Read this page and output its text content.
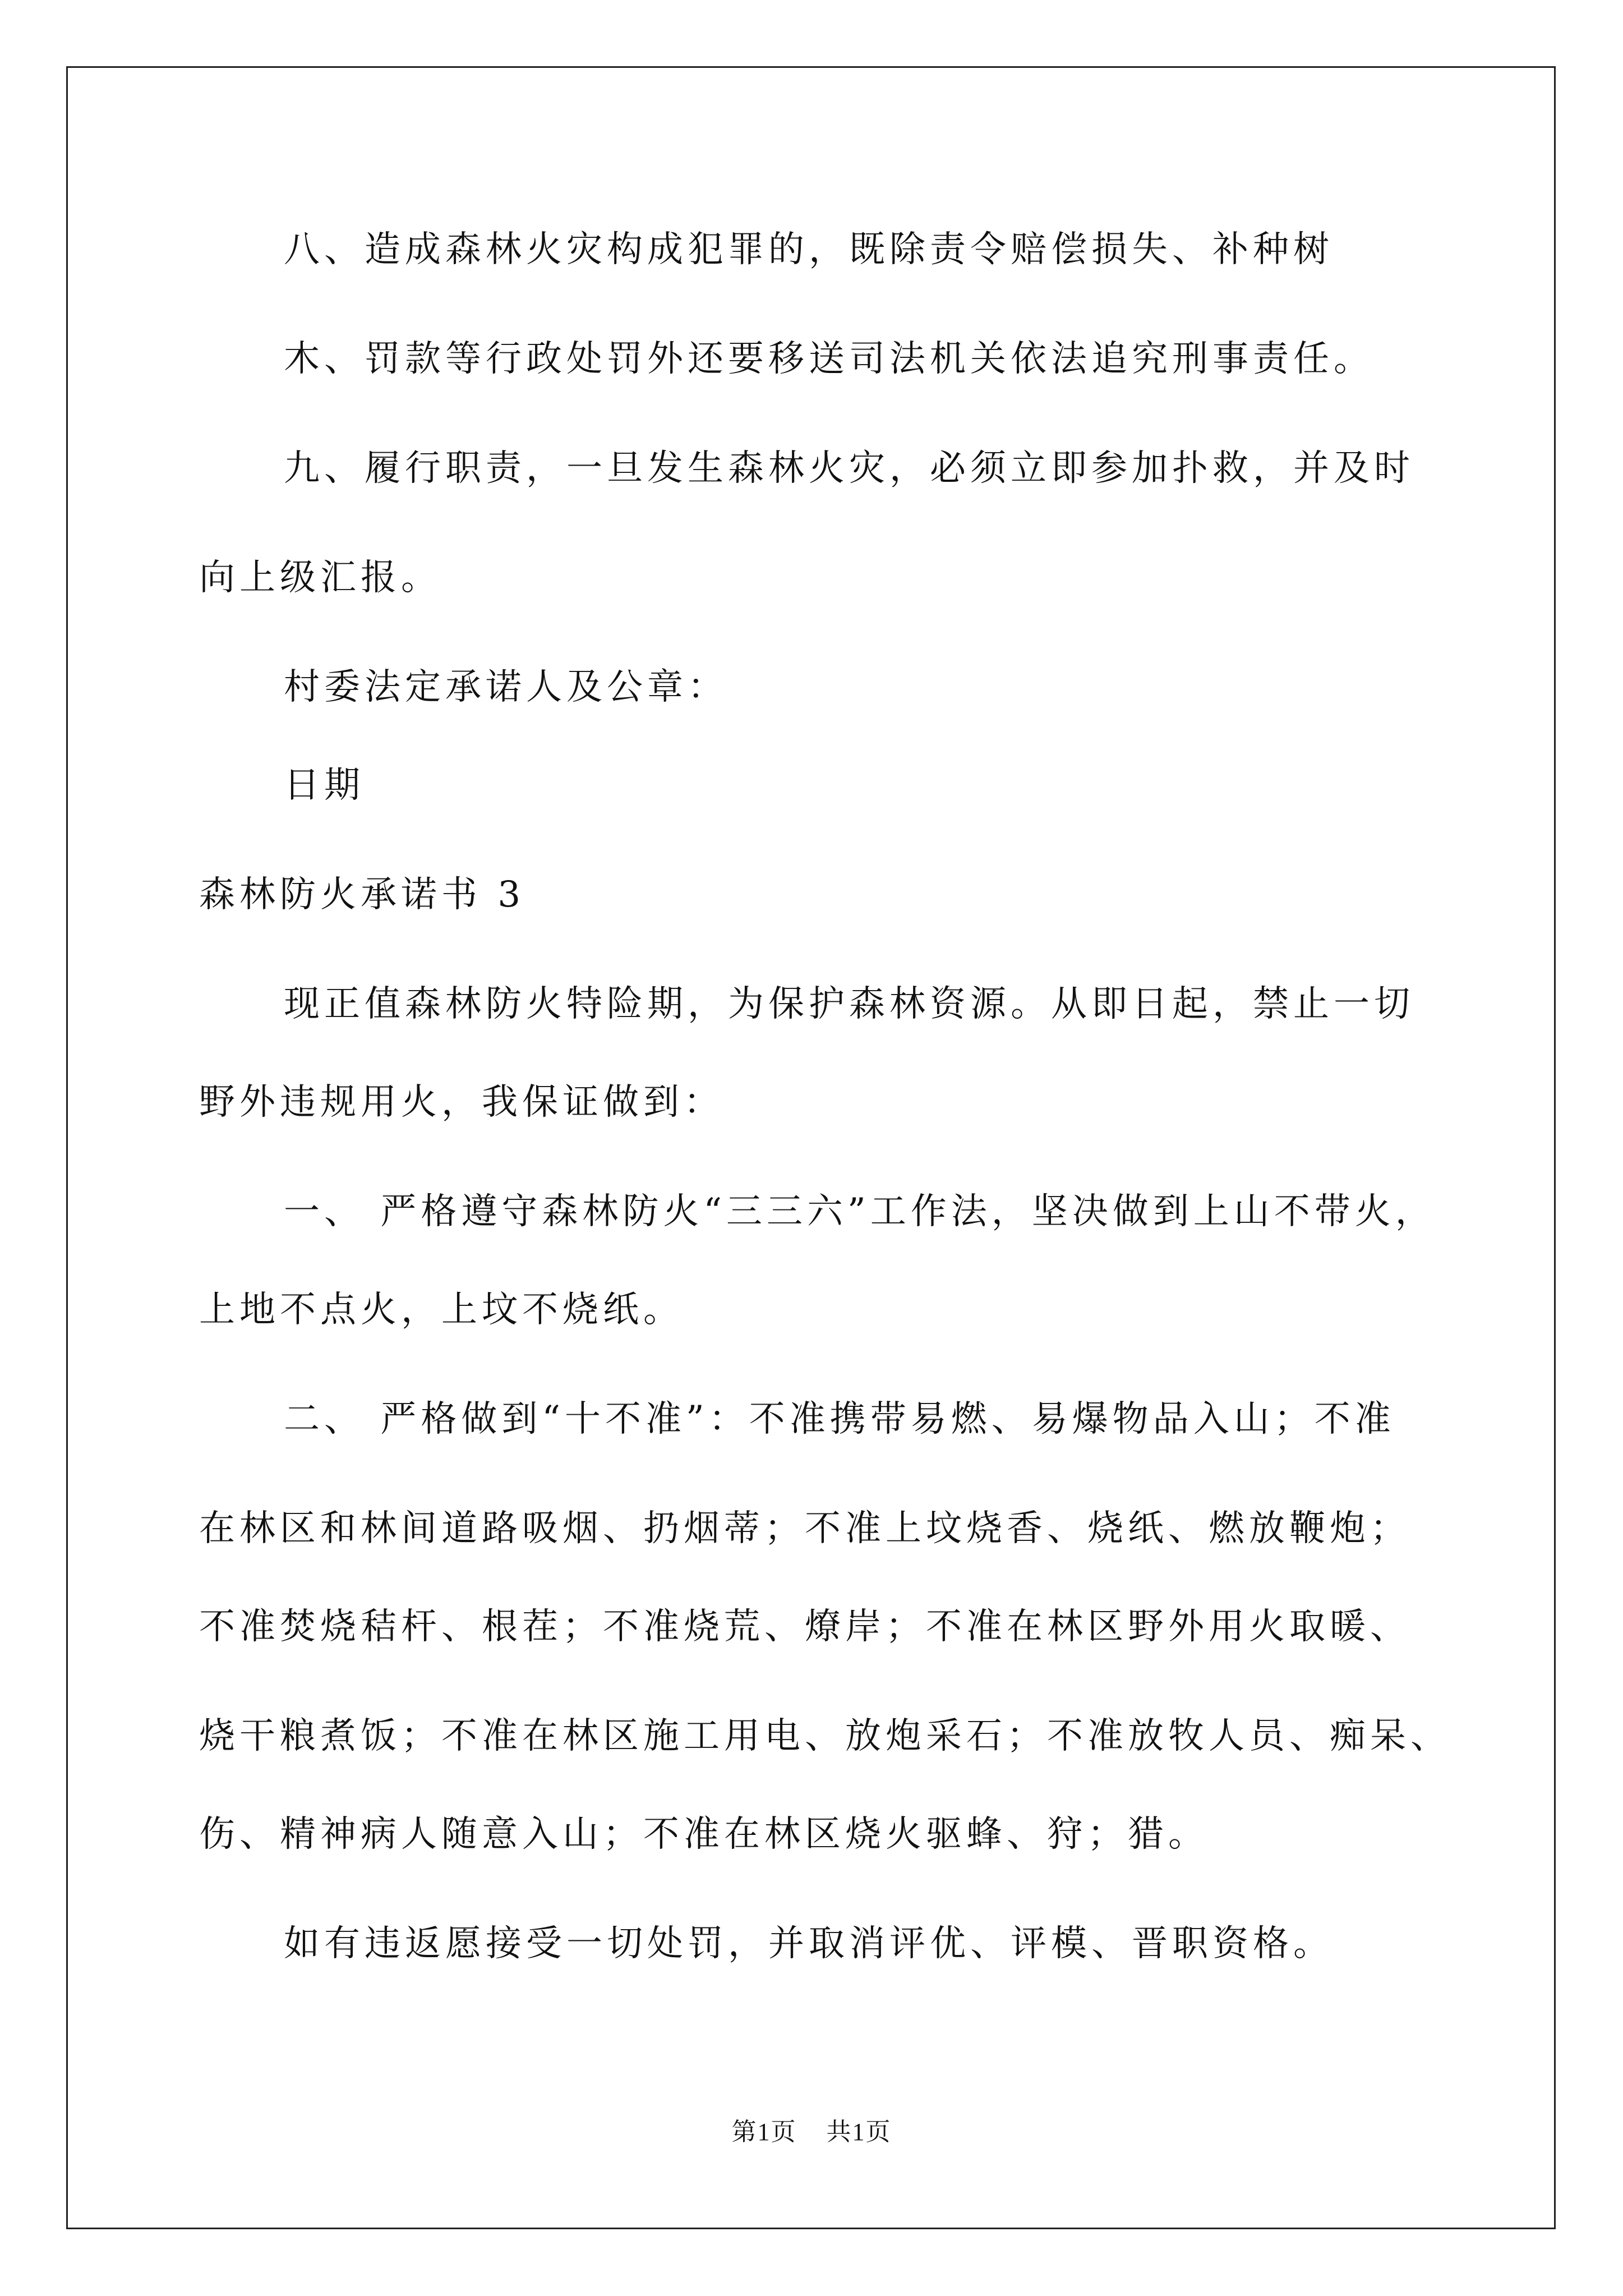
八、造成森林火灾构成犯罪的，既除责令赔偿损失、补种树
木、罚款等行政处罚外还要移送司法机关依法追究刑事责任。
九、履行职责，一旦发生森林火灾，必须立即参加扑救，并及时
向上级汇报。
村委法定承诺人及公章：
日期
森林防火承诺书 3
现正值森林防火特险期，为保护森林资源。从即日起，禁止一切
野外违规用火，我保证做到：
一、 严格遵守森林防火“三三六”工作法，坚决做到上山不带火，
上地不点火，上坟不烧纸。
二、 严格做到“十不准”：不准携带易燃、易爆物品入山；不准
在林区和林间道路吸烟、扔烟蒂；不准上坟烧香、烧纸、燃放鞭炮；
不准焚烧秸杆、根茬；不准烧荒、燎岸；不准在林区野外用火取暖、
烧干粮煮饭；不准在林区施工用电、放炮采石；不准放牧人员、痴呆、
伤、精神病人随意入山；不准在林区烧火驱蜂、狩；猎。
如有违返愿接受一切处罚，并取消评优、评模、晋职资格。
第1页 共1页
